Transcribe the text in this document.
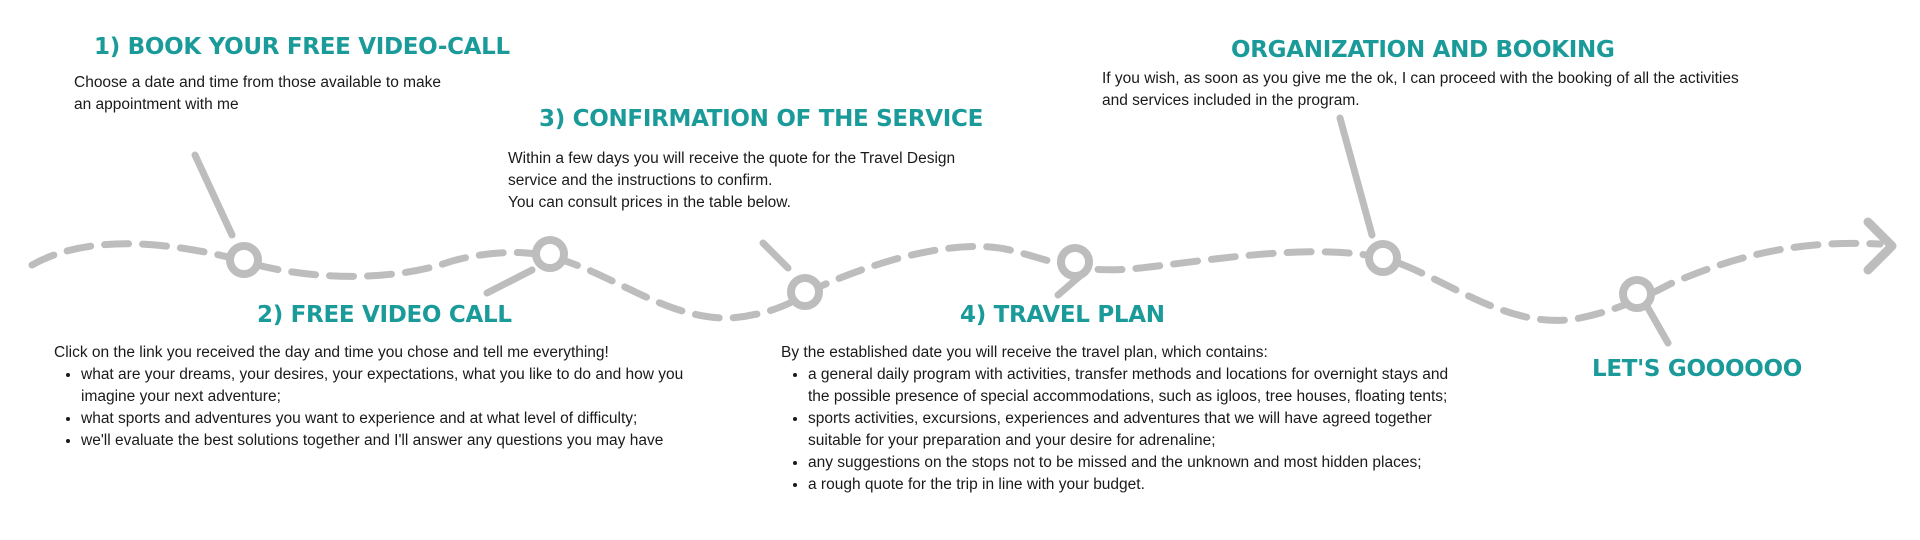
1) BOOK YOUR FREE VIDEO-CALL

Choose a date and time from those available to make

an appointment with me

3) CONFIRMATION OF THE SERVICE

Within a few days you will receive the quote for the Travel Design

service and the instructions to confirm.

You can consult prices in the table below.

ORGANIZATION AND BOOKING

If you wish, as soon as you give me the ok, I can proceed with the booking of all the activities

and services included in the program.

2) FREE VIDEO CALL

Click on the link you received the day and time you chose and tell me everything!

• what are your dreams, your desires, your expectations, what you like to do and how you imagine your next adventure;
• what sports and adventures you want to experience and at what level of difficulty;
• we'll evaluate the best solutions together and I'll answer any questions you may have
4) TRAVEL PLAN

By the established date you will receive the travel plan, which contains:

• a general daily program with activities, transfer methods and locations for overnight stays and the possible presence of special accommodations, such as igloos, tree houses, floating tents;
• sports activities, excursions, experiences and adventures that we will have agreed together suitable for your preparation and your desire for adrenaline;
• any suggestions on the stops not to be missed and the unknown and most hidden places;
• a rough quote for the trip in line with your budget.
LET'S GOOOOOO
